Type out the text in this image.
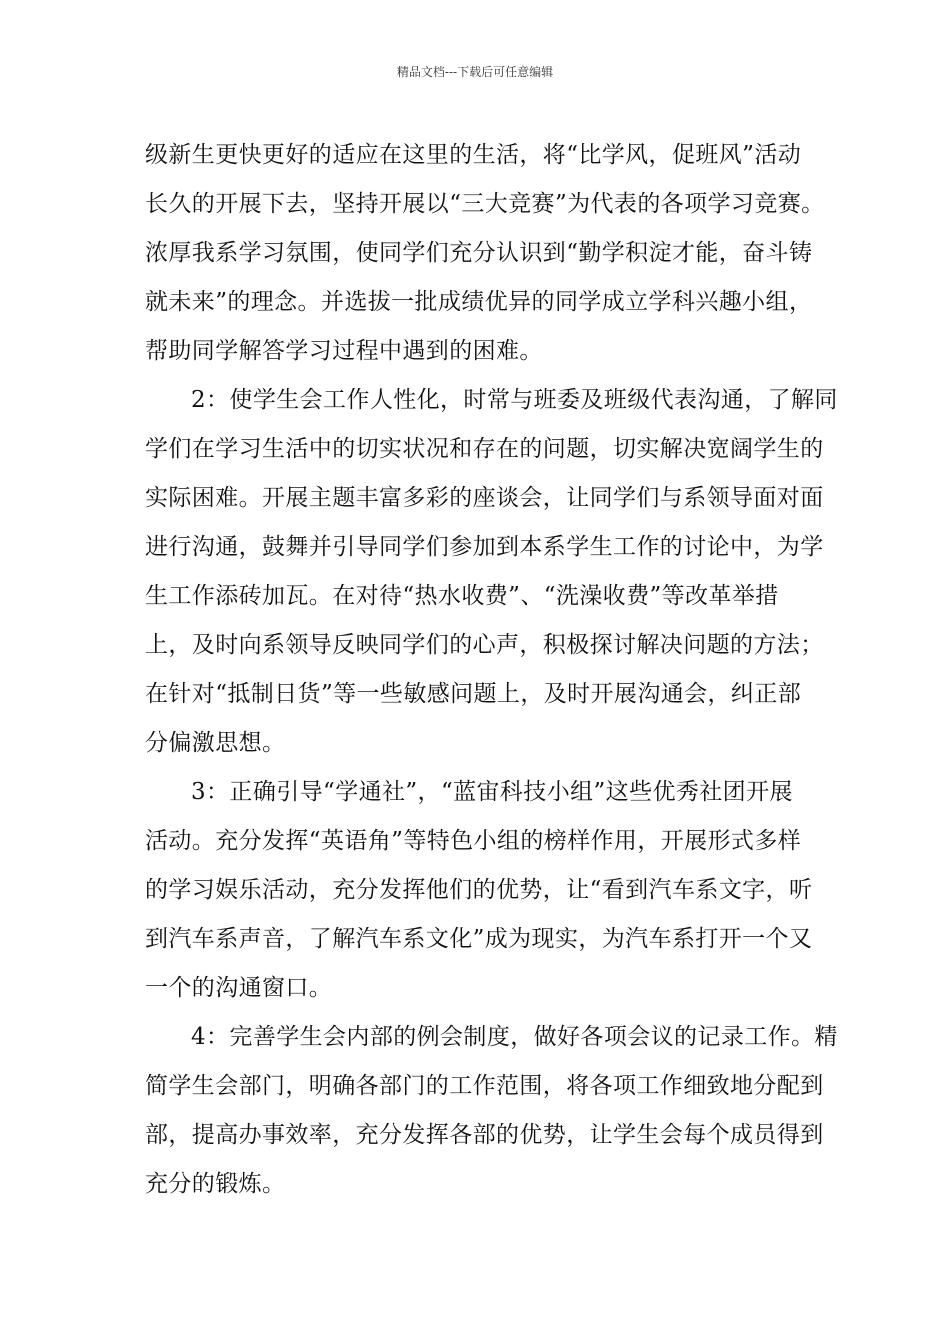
精品文档---下载后可任意编辑
级新生更快更好的适应在这里的生活，将“比学风，促班风”活动
长久的开展下去，坚持开展以“三大竞赛”为代表的各项学习竞赛。
浓厚我系学习氛围，使同学们充分认识到“勤学积淀才能，奋斗铸
就未来”的理念。并选拔一批成绩优异的同学成立学科兴趣小组，
帮助同学解答学习过程中遇到的困难。
2：使学生会工作人性化，时常与班委及班级代表沟通，了解同
学们在学习生活中的切实状况和存在的问题，切实解决宽阔学生的
实际困难。开展主题丰富多彩的座谈会，让同学们与系领导面对面
进行沟通，鼓舞并引导同学们参加到本系学生工作的讨论中，为学
生工作添砖加瓦。在对待“热水收费”、“洗澡收费”等改革举措
上，及时向系领导反映同学们的心声，积极探讨解决问题的方法；
在针对“抵制日货”等一些敏感问题上，及时开展沟通会，纠正部
分偏激思想。
3：正确引导“学通社”，“蓝宙科技小组”这些优秀社团开展
活动。充分发挥“英语角”等特色小组的榜样作用，开展形式多样
的学习娱乐活动，充分发挥他们的优势，让“看到汽车系文字，听
到汽车系声音，了解汽车系文化”成为现实，为汽车系打开一个又
一个的沟通窗口。
4：完善学生会内部的例会制度，做好各项会议的记录工作。精
简学生会部门，明确各部门的工作范围，将各项工作细致地分配到
部，提高办事效率，充分发挥各部的优势，让学生会每个成员得到
充分的锻炼。
